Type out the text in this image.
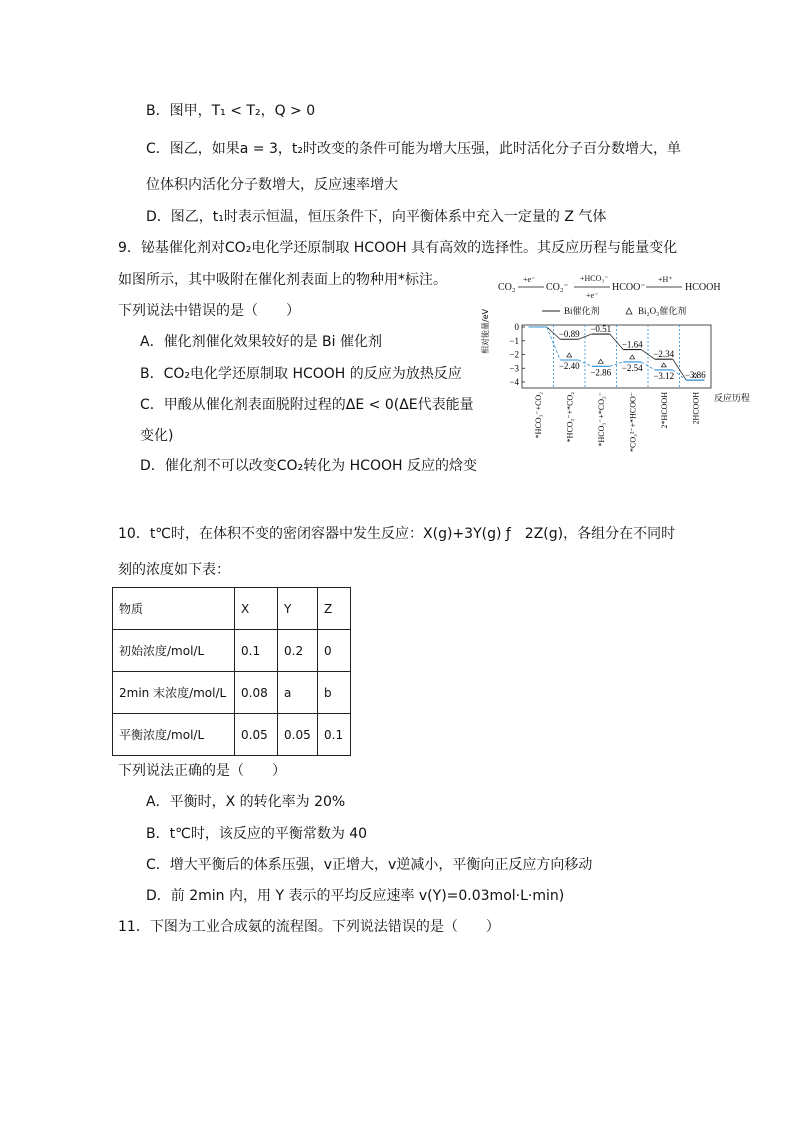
B．图甲，T₁ < T₂，Q > 0
C．图乙，如果a = 3，t₂时改变的条件可能为增大压强，此时活化分子百分数增大，单
位体积内活化分子数增大，反应速率增大
D．图乙，t₁时表示恒温，恒压条件下，向平衡体系中充入一定量的 Z 气体
9．铋基催化剂对CO₂电化学还原制取 HCOOH 具有高效的选择性。其反应历程与能量变化
如图所示，其中吸附在催化剂表面上的物种用*标注。
下列说法中错误的是（　　）
A．催化剂催化效果较好的是 Bi 催化剂
B．CO₂电化学还原制取 HCOOH 的反应为放热反应
C．甲酸从催化剂表面脱附过程的ΔE < 0(ΔE代表能量
变化)
D．催化剂不可以改变CO₂转化为 HCOOH 反应的焓变
CO₂
+e⁻
CO₂⁻
+HCO₃⁻
+e⁻
HCOO⁻
+H⁺
HCOOH
Bi催化剂	Bi₂O₃催化剂
相对能量/eV	0
−1
−2
−3
−4
−0.89
−0.51
−1.64
−2.34
−3.86
−2.40
−2.86 −2.54
−3.12
*HCO₃⁻+CO₂	*HCO₃⁻+*CO₂	*HCO₃⁻+*CO₂⁻	*CO₃²⁻+*HCOO⁻	2*HCOOH	2HCOOH 反应历程
10．t℃时，在体积不变的密闭容器中发生反应：X(g)+3Y(g) ƒ　2Z(g)，各组分在不同时
刻的浓度如下表：
物质	X	Y	Z
初始浓度/mol/L	0.1	0.2	0
2min 末浓度/mol/L	0.08	a	b
平衡浓度/mol/L	0.05	0.05	0.1
下列说法正确的是（　　）
A．平衡时，X 的转化率为 20%
B．t℃时，该反应的平衡常数为 40
C．增大平衡后的体系压强，v正增大，v逆减小，平衡向正反应方向移动
D．前 2min 内，用 Y 表示的平均反应速率 v(Y)=0.03mol·L·min)
11．下图为工业合成氨的流程图。下列说法错误的是（　　）
